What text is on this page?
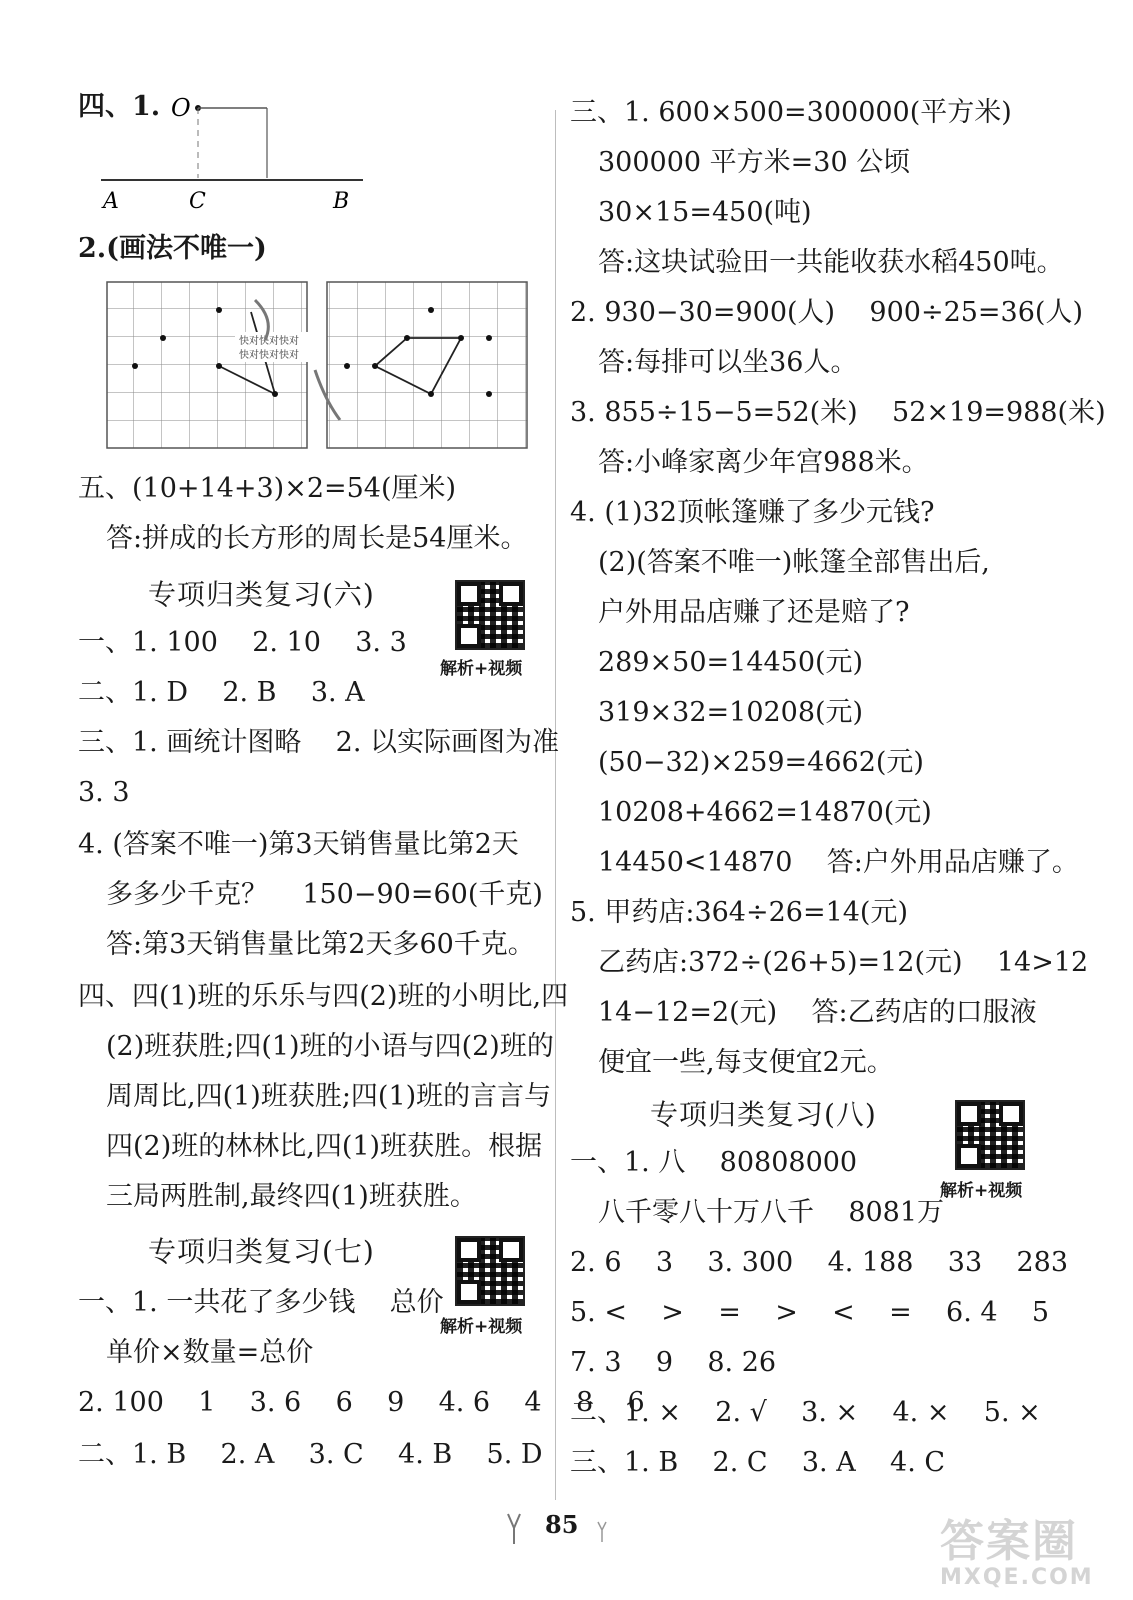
四、1. O
A	C	B
2.(画法不唯一)
快对快对快对
快对快对快对
五、(10+14+3)×2=54(厘米)
答:拼成的长方形的周长是54厘米。
专项归类复习(六)
解析+视频
一、1. 100    2. 10    3. 3
二、1. D    2. B    3. A
三、1. 画统计图略    2. 以实际画图为准
3. 3
4. (答案不唯一)第3天销售量比第2天
多多少千克？    150−90=60(千克)
答:第3天销售量比第2天多60千克。
四、四(1)班的乐乐与四(2)班的小明比,四
(2)班获胜;四(1)班的小语与四(2)班的
周周比,四(1)班获胜;四(1)班的言言与
四(2)班的林林比,四(1)班获胜。根据
三局两胜制,最终四(1)班获胜。
专项归类复习(七)
解析+视频
一、1. 一共花了多少钱    总价
单价×数量=总价
2. 100    1    3. 6    6    9    4. 6    4    8    6
二、1. B    2. A    3. C    4. B    5. D
三、1. 600×500=300000(平方米)
300000 平方米=30 公顷
30×15=450(吨)
答:这块试验田一共能收获水稻450吨。
2. 930−30=900(人)    900÷25=36(人)
答:每排可以坐36人。
3. 855÷15−5=52(米)    52×19=988(米)
答:小峰家离少年宫988米。
4. (1)32顶帐篷赚了多少元钱?
(2)(答案不唯一)帐篷全部售出后,
户外用品店赚了还是赔了?
289×50=14450(元)
319×32=10208(元)
(50−32)×259=4662(元)
10208+4662=14870(元)
14450<14870    答:户外用品店赚了。
5. 甲药店:364÷26=14(元)
乙药店:372÷(26+5)=12(元)    14>12
14−12=2(元)    答:乙药店的口服液
便宜一些,每支便宜2元。
专项归类复习(八)
解析+视频
一、1. 八    80808000
八千零八十万八千    8081万
2. 6    3    3. 300    4. 188    33    283
5. <    >    =    >    <    =    6. 4    5
7. 3    9    8. 26
二、1. ×    2. √    3. ×    4. ×    5. ×
三、1. B    2. C    3. A    4. C
85	答案圈
MXQE.COM
